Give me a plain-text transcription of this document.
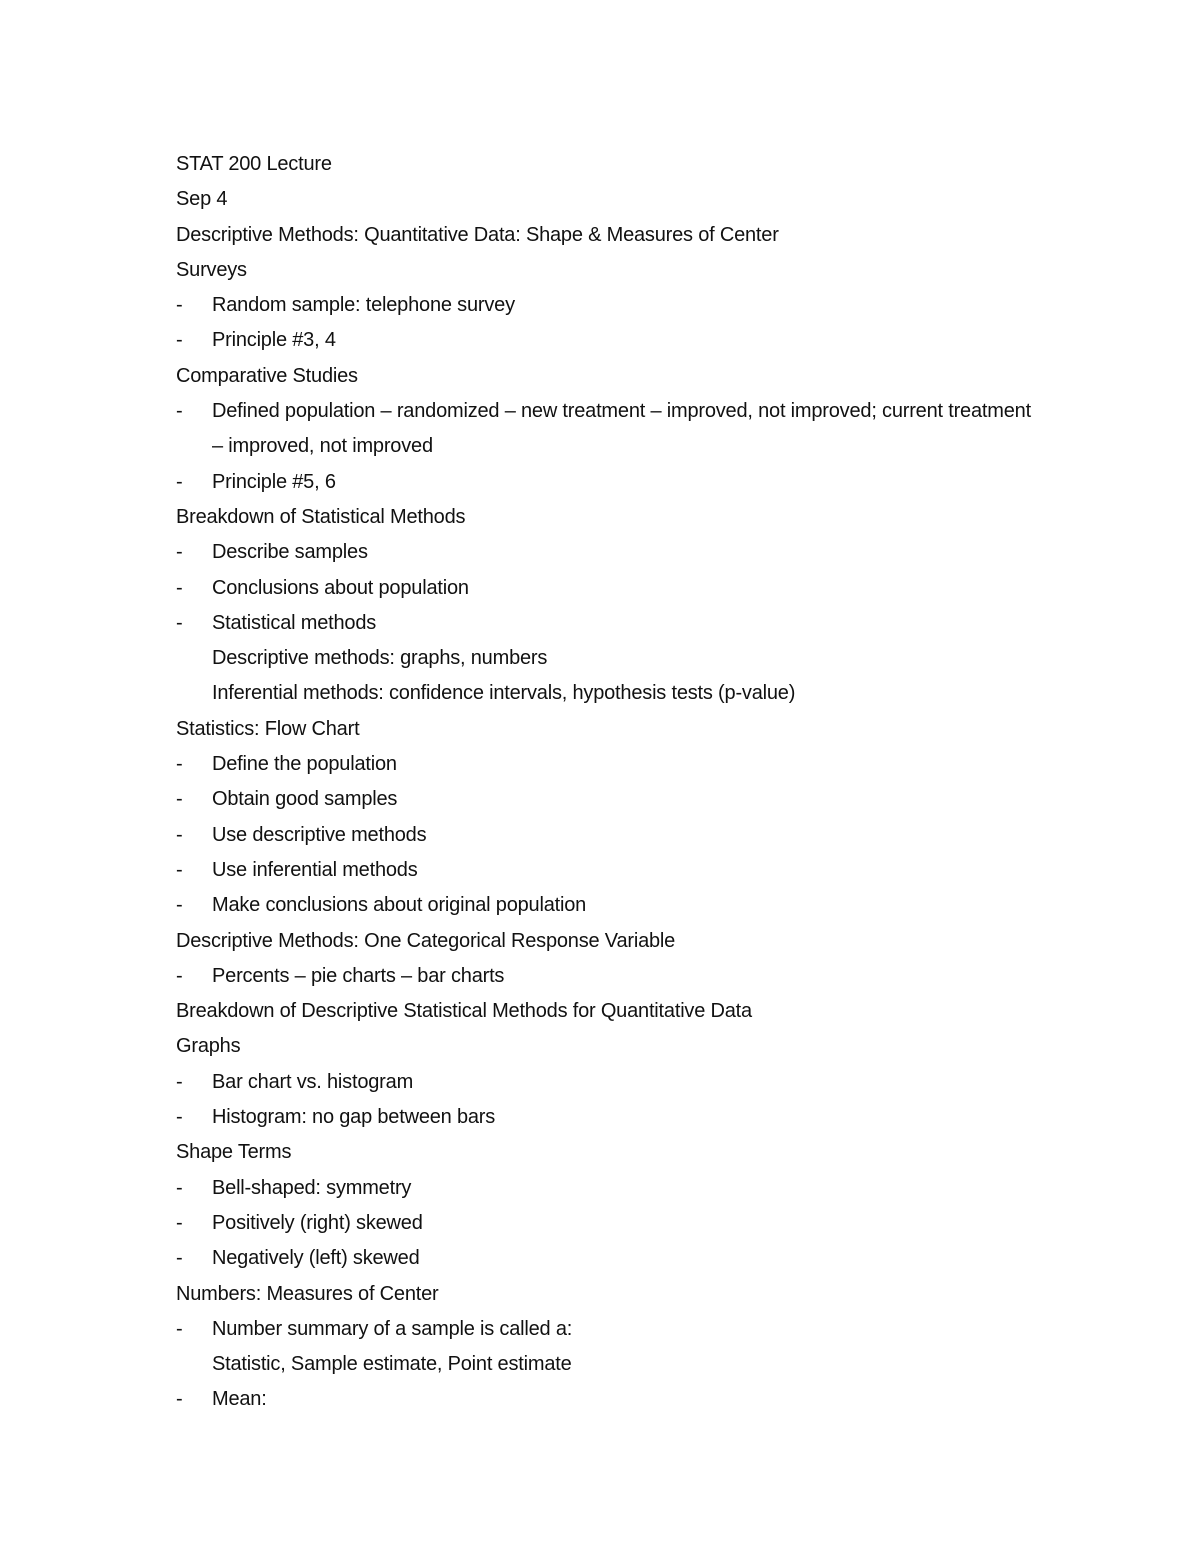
STAT 200 Lecture
Sep 4
Descriptive Methods: Quantitative Data: Shape & Measures of Center
Surveys
- Random sample: telephone survey
- Principle #3, 4
Comparative Studies
- Defined population – randomized – new treatment – improved, not improved; current treatment
– improved, not improved
- Principle #5, 6
Breakdown of Statistical Methods
- Describe samples
- Conclusions about population
- Statistical methods
Descriptive methods: graphs, numbers
Inferential methods: confidence intervals, hypothesis tests (p-value)
Statistics: Flow Chart
- Define the population
- Obtain good samples
- Use descriptive methods
- Use inferential methods
- Make conclusions about original population
Descriptive Methods: One Categorical Response Variable
- Percents – pie charts – bar charts
Breakdown of Descriptive Statistical Methods for Quantitative Data
Graphs
- Bar chart vs. histogram
- Histogram: no gap between bars
Shape Terms
- Bell-shaped: symmetry
- Positively (right) skewed
- Negatively (left) skewed
Numbers: Measures of Center
- Number summary of a sample is called a:
Statistic, Sample estimate, Point estimate
- Mean:
